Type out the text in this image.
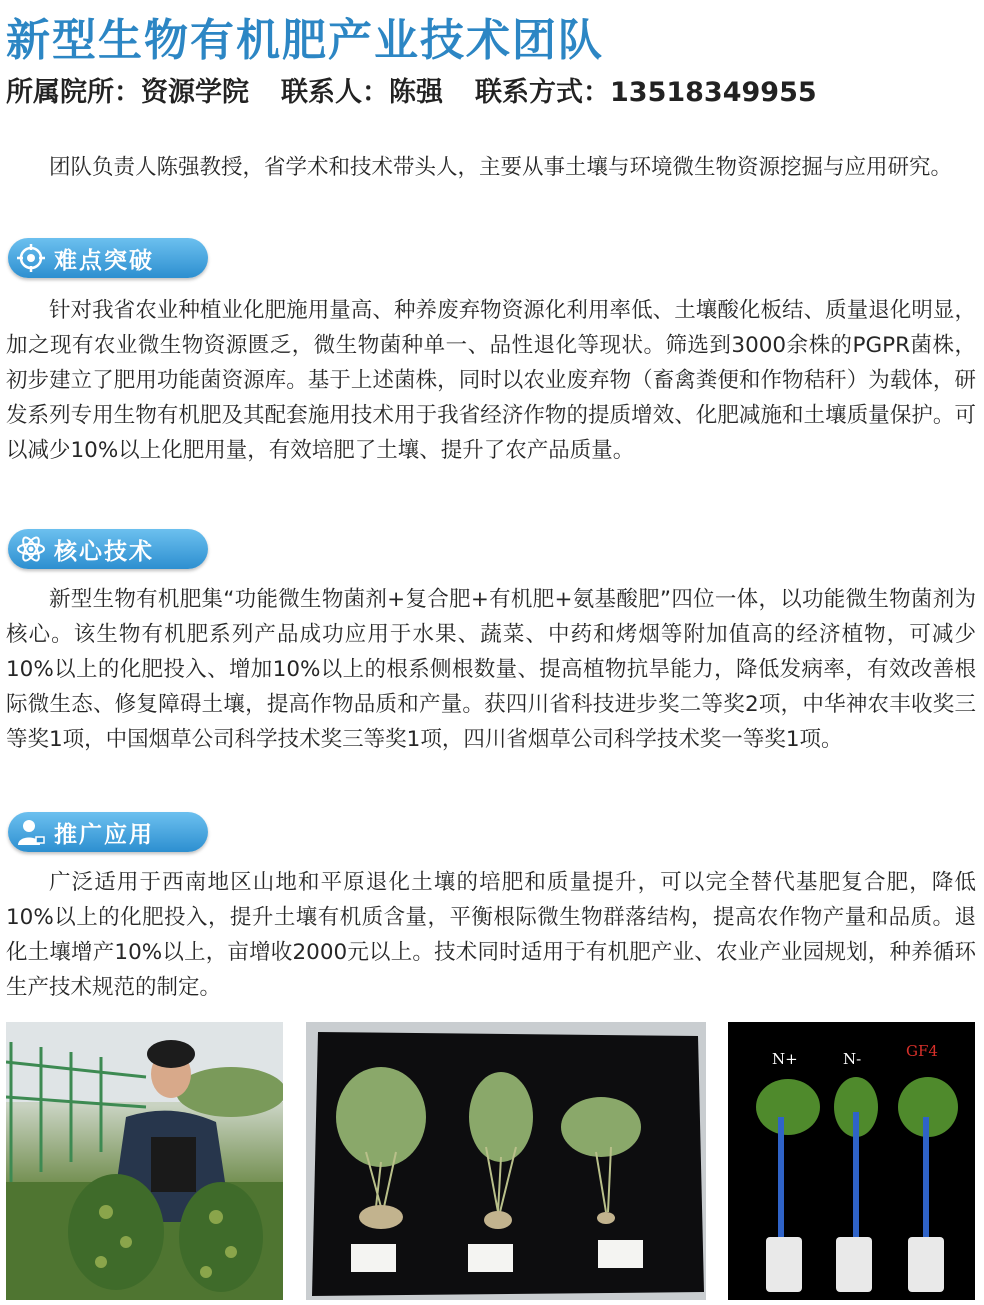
新型生物有机肥产业技术团队
所属院所：资源学院 联系人：陈强 联系方式：13518349955

团队负责人陈强教授，省学术和技术带头人，主要从事土壤与环境微生物资源挖掘与应用研究。

难点突破

针对我省农业种植业化肥施用量高、种养废弃物资源化利用率低、土壤酸化板结、质量退化明显，加之现有农业微生物资源匮乏，微生物菌种单一、品性退化等现状。筛选到3000余株的PGPR菌株，初步建立了肥用功能菌资源库。基于上述菌株，同时以农业废弃物（畜禽粪便和作物秸秆）为载体，研发系列专用生物有机肥及其配套施用技术用于我省经济作物的提质增效、化肥减施和土壤质量保护。可以减少10%以上化肥用量，有效培肥了土壤、提升了农产品质量。

核心技术

新型生物有机肥集“功能微生物菌剂+复合肥+有机肥+氨基酸肥”四位一体，以功能微生物菌剂为核心。该生物有机肥系列产品成功应用于水果、蔬菜、中药和烤烟等附加值高的经济植物，可减少10%以上的化肥投入、增加10%以上的根系侧根数量、提高植物抗旱能力，降低发病率，有效改善根际微生态、修复障碍土壤，提高作物品质和产量。获四川省科技进步奖二等奖2项，中华神农丰收奖三等奖1项，中国烟草公司科学技术奖三等奖1项，四川省烟草公司科学技术奖一等奖1项。

推广应用

广泛适用于西南地区山地和平原退化土壤的培肥和质量提升，可以完全替代基肥复合肥，降低10%以上的化肥投入，提升土壤有机质含量，平衡根际微生物群落结构，提高农作物产量和品质。退化土壤增产10%以上，亩增收2000元以上。技术同时适用于有机肥产业、农业产业园规划，种养循环生产技术规范的制定。

N+	N-	GF4
